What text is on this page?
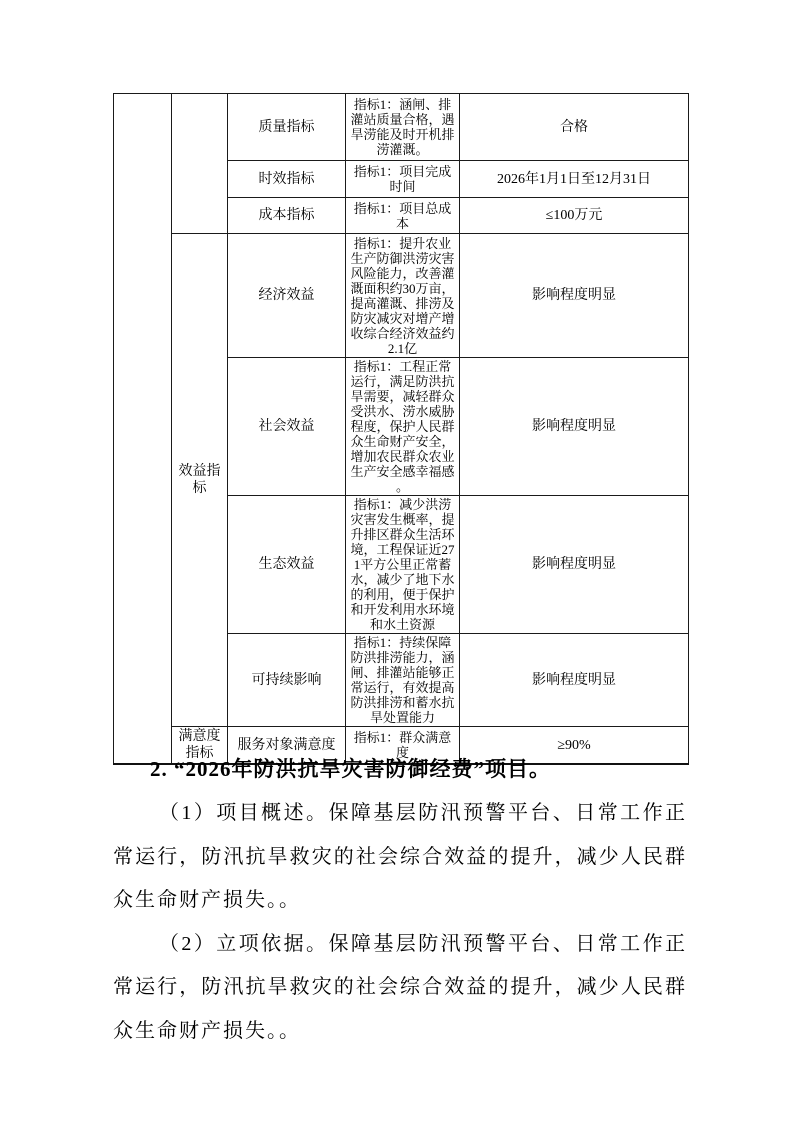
		质量指标	指标1：涵闸、排灌站质量合格，遇旱涝能及时开机排涝灌溉。	合格
		时效指标	指标1：项目完成时间	2026年1月1日至12月31日
		成本指标	指标1：项目总成本	≤100万元
	效益指标	经济效益	指标1：提升农业生产防御洪涝灾害风险能力，改善灌溉面积约30万亩，提高灌溉、排涝及防灾减灾对增产增收综合经济效益约2.1亿	影响程度明显
		社会效益	指标1：工程正常运行，满足防洪抗旱需要，减轻群众受洪水、涝水威胁程度，保护人民群众生命财产安全，增加农民群众农业生产安全感幸福感。	影响程度明显
		生态效益	指标1：减少洪涝灾害发生概率，提升排区群众生活环境，工程保证近271平方公里正常蓄水，减少了地下水的利用，便于保护和开发利用水环境和水土资源	影响程度明显
		可持续影响	指标1：持续保障防洪排涝能力，涵闸、排灌站能够正常运行，有效提高防洪排涝和蓄水抗旱处置能力	影响程度明显
	满意度指标	服务对象满意度	指标1：群众满意度	≥90%

2. “2026年防洪抗旱灾害防御经费”项目。

（1）项目概述。保障基层防汛预警平台、日常工作正常运行，防汛抗旱救灾的社会综合效益的提升，减少人民群众生命财产损失。。

（2）立项依据。保障基层防汛预警平台、日常工作正常运行，防汛抗旱救灾的社会综合效益的提升，减少人民群众生命财产损失。。
